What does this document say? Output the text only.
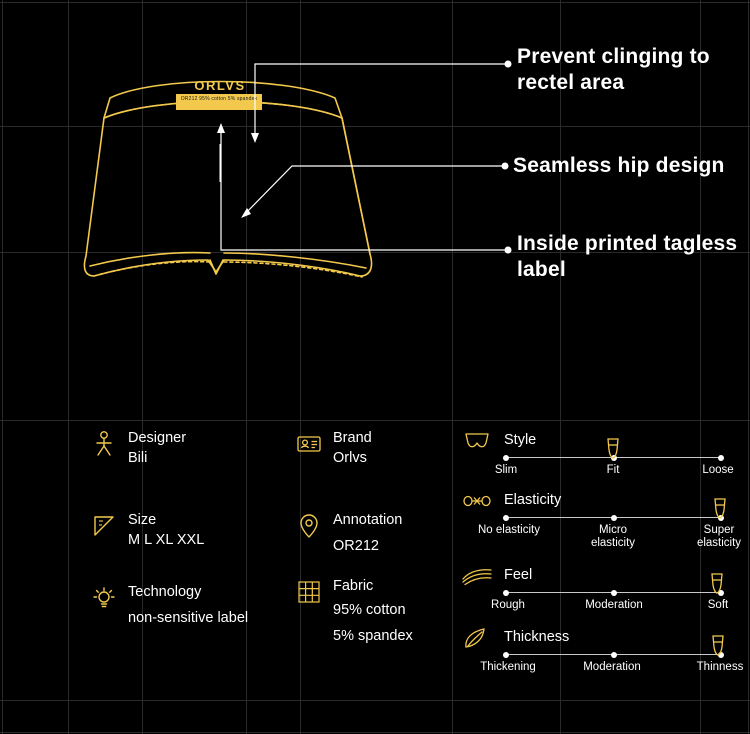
ORLVS
OR212 95% cotton 5% spandex
Prevent clinging to rectel area
Seamless hip design
Inside printed tagless label
Designer
Bili
Size
M L XL XXL
Technology
non-sensitive label
Brand
Orlvs
Annotation
OR212
Fabric
95% cotton
5% spandex
Style
Slim	Fit	Loose
Elasticity
No elasticity	Micro elasticity
Super elasticity
Feel
Rough	Moderation	Soft
Thickness
Thickening	Moderation	Thinness
